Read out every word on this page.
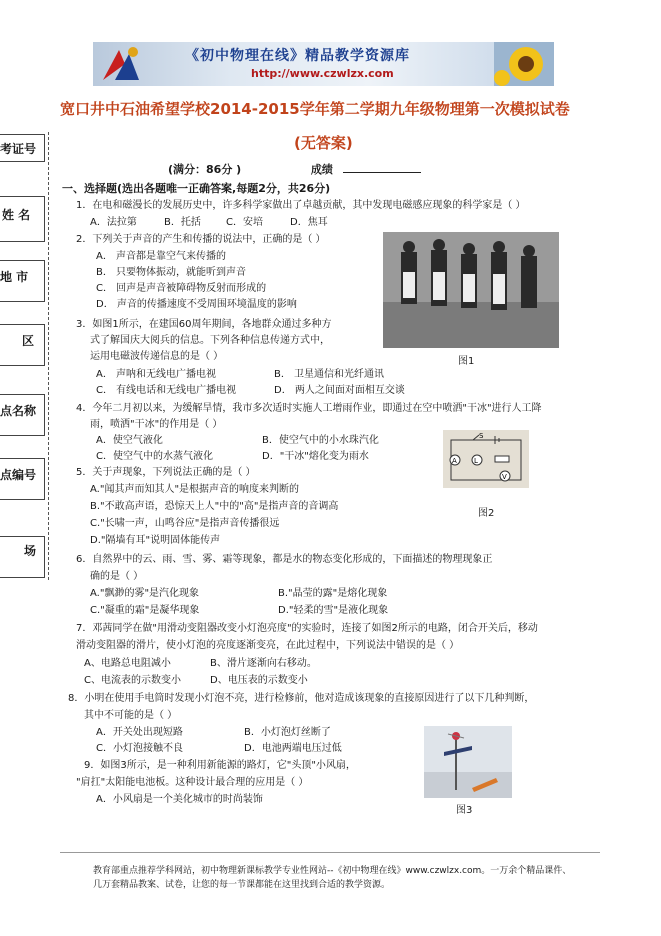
《初中物理在线》精品教学资源库
http://www.czwlzx.com
宽口井中石油希望学校2014-2015学年第二学期九年级物理第一次模拟试卷
(无答案)
(满分：86分 )	成绩
考证号
姓 名
地 市
区
点名称
点编号
场
一、选择题(选出各题唯一正确答案,每题2分，共26分)
1．在电和磁漫长的发展历史中，许多科学家做出了卓越贡献，其中发现电磁感应现象的科学家是（ ）
A．法拉第	B．托括	C．安培	D．焦耳
2．下列关于声音的产生和传播的说法中，正确的是（ ）
A． 声音都是靠空气来传播的
B． 只要物体振动，就能听到声音
C． 回声是声音被障碍物反射而形成的
D． 声音的传播速度不受周围环境温度的影响
图1
3．如图1所示，在建国60周年期间，各地群众通过多种方
式了解国庆大阅兵的信息。下列各种信息传递方式中，
运用电磁波传递信息的是（ ）
A． 声呐和无线电广播电视	B． 卫星通信和光纤通讯
C． 有线电话和无线电广播电视	D． 两人之间面对面相互交谈
4．今年二月初以来，为缓解旱情，我市多次适时实施人工增雨作业，即通过在空中喷洒"干冰"进行人工降
雨，喷洒"干冰"的作用是（ ）
A．使空气液化	B．使空气中的小水珠汽化
C．使空气中的水蒸气液化	D．"干冰"熔化变为雨水	A L
V
S
图2
5．关于声现象，下列说法正确的是（ ）
A."闻其声而知其人"是根据声音的响度来判断的
B."不敢高声语，恐惊天上人"中的"高"是指声音的音调高
C."长啸一声，山鸣谷应"是指声音传播很远
D."隔墙有耳"说明固体能传声
6．自然界中的云、雨、雪、雾、霜等现象，都是水的物态变化形成的，下面描述的物理现象正
确的是（ ）
A."飘渺的雾"是汽化现象	B."晶莹的露"是熔化现象
C."凝重的霜"是凝华现象	D."轻柔的雪"是液化现象
7．邓茜同学在做"用滑动变阻器改变小灯泡亮度"的实验时，连接了如图2所示的电路，闭合开关后，移动
滑动变阻器的滑片，使小灯泡的亮度逐渐变亮，在此过程中，下列说法中错误的是（ ）
A、电路总电阻减小	B、滑片逐渐向右移动。
C、电流表的示数变小	D、电压表的示数变小
8．小明在使用手电筒时发现小灯泡不亮，进行检修前，他对造成该现象的直接原因进行了以下几种判断，
其中不可能的是（ ）
A．开关处出现短路	B．小灯泡灯丝断了
C．小灯泡接触不良	D．电池两端电压过低
9．如图3所示，是一种利用新能源的路灯，它"头顶"小风扇，
"肩扛"太阳能电池板。这种设计最合理的应用是（ ）
A．小风扇是一个美化城市的时尚装饰
图3
教育部重点推荐学科网站，初中物理新课标教学专业性网站--《初中物理在线》www.czwlzx.com。一万余个精品课件、
几万套精品教案、试卷，让您的每一节课都能在这里找到合适的教学资源。
